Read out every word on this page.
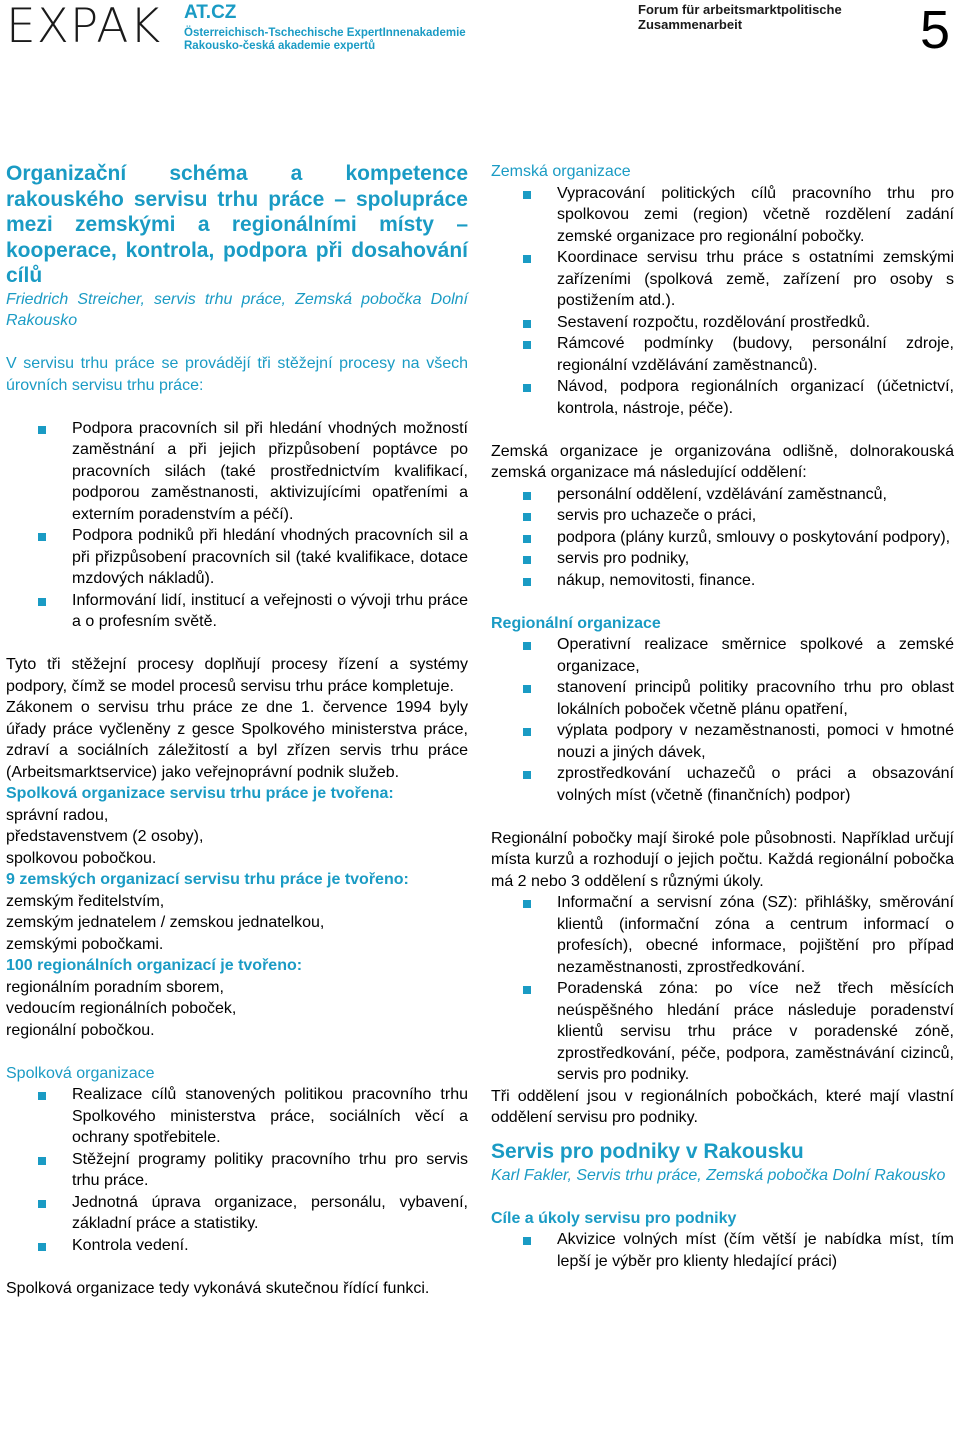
EXPAK AT.CZ
Österreichisch-Tschechische ExpertInnenakademie
Rakousko-česká akademie expertů
Forum für arbeitsmarktpolitische Zusammenarbeit	5
Organizační schéma a kompetence rakouského servisu trhu práce – spolupráce mezi zemskými a regionálními místy – kooperace, kontrola, podpora při dosahování cílů
Friedrich Streicher, servis trhu práce, Zemská pobočka Dolní Rakousko
V servisu trhu práce se provádějí tři stěžejní procesy na všech úrovních servisu trhu práce:
Podpora pracovních sil při hledání vhodných možností zaměstnání a při jejich přizpůsobení poptávce po pracovních silách (také prostřednictvím kvalifikací, podporou zaměstnanosti, aktivizujícími opatřeními a externím poradenstvím a péčí).
Podpora podniků při hledání vhodných pracovních sil a při přizpůsobení pracovních sil (také kvalifikace, dotace mzdových nákladů).
Informování lidí, institucí a veřejnosti o vývoji trhu práce a o profesním světě.
Tyto tři stěžejní procesy doplňují procesy řízení a systémy podpory, čímž se model procesů servisu trhu práce kompletuje.
Zákonem o servisu trhu práce ze dne 1. července 1994 byly úřady práce vyčleněny z gesce Spolkového ministerstva práce, zdraví a sociálních záležitostí a byl zřízen servis trhu práce (Arbeitsmarktservice) jako veřejnoprávní podnik služeb.
Spolková organizace servisu trhu práce je tvořena:
správní radou,
představenstvem (2 osoby),
spolkovou pobočkou.
9 zemských organizací servisu trhu práce je tvořeno:
zemským ředitelstvím,
zemským jednatelem / zemskou jednatelkou,
zemskými pobočkami.
100 regionálních organizací je tvořeno:
regionálním poradním sborem,
vedoucím regionálních poboček,
regionální pobočkou.
Spolková organizace
Realizace cílů stanovených politikou pracovního trhu Spolkového ministerstva práce, sociálních věcí a ochrany spotřebitele.
Stěžejní programy politiky pracovního trhu pro servis trhu práce.
Jednotná úprava organizace, personálu, vybavení, základní práce a statistiky.
Kontrola vedení.
Spolková organizace tedy vykonává skutečnou řídící funkci.
Zemská organizace
Vypracování politických cílů pracovního trhu pro spolkovou zemi (region) včetně rozdělení zadání zemské organizace pro regionální pobočky.
Koordinace servisu trhu práce s ostatními zemskými zařízeními (spolková země, zařízení pro osoby s postižením atd.).
Sestavení rozpočtu, rozdělování prostředků.
Rámcové podmínky (budovy, personální zdroje, regionální vzdělávání zaměstnanců).
Návod, podpora regionálních organizací (účetnictví, kontrola, nástroje, péče).
Zemská organizace je organizována odlišně, dolnorakouská zemská organizace má následující oddělení:
personální oddělení, vzdělávání zaměstnanců,
servis pro uchazeče o práci,
podpora (plány kurzů, smlouvy o poskytování podpory),
servis pro podniky,
nákup, nemovitosti, finance.
Regionální organizace
Operativní realizace směrnice spolkové a zemské organizace,
stanovení principů politiky pracovního trhu pro oblast lokálních poboček včetně plánu opatření,
výplata podpory v nezaměstnanosti, pomoci v hmotné nouzi a jiných dávek,
zprostředkování uchazečů o práci a obsazování volných míst (včetně (finančních) podpor)
Regionální pobočky mají široké pole působnosti. Například určují místa kurzů a rozhodují o jejich počtu. Každá regionální pobočka má 2 nebo 3 oddělení s různými úkoly.
Informační a servisní zóna (SZ): přihlášky, směrování klientů (informační zóna a centrum informací o profesích), obecné informace, pojištění pro případ nezaměstnanosti, zprostředkování.
Poradenská zóna: po více než třech měsících neúspěšného hledání práce následuje poradenství klientů servisu trhu práce v poradenské zóně, zprostředkování, péče, podpora, zaměstnávání cizinců, servis pro podniky.
Tři oddělení jsou v regionálních pobočkách, které mají vlastní oddělení servisu pro podniky.
Servis pro podniky v Rakousku
Karl Fakler, Servis trhu práce, Zemská pobočka Dolní Rakousko
Cíle a úkoly servisu pro podniky
Akvizice volných míst (čím větší je nabídka míst, tím lepší je výběr pro klienty hledající práci)
